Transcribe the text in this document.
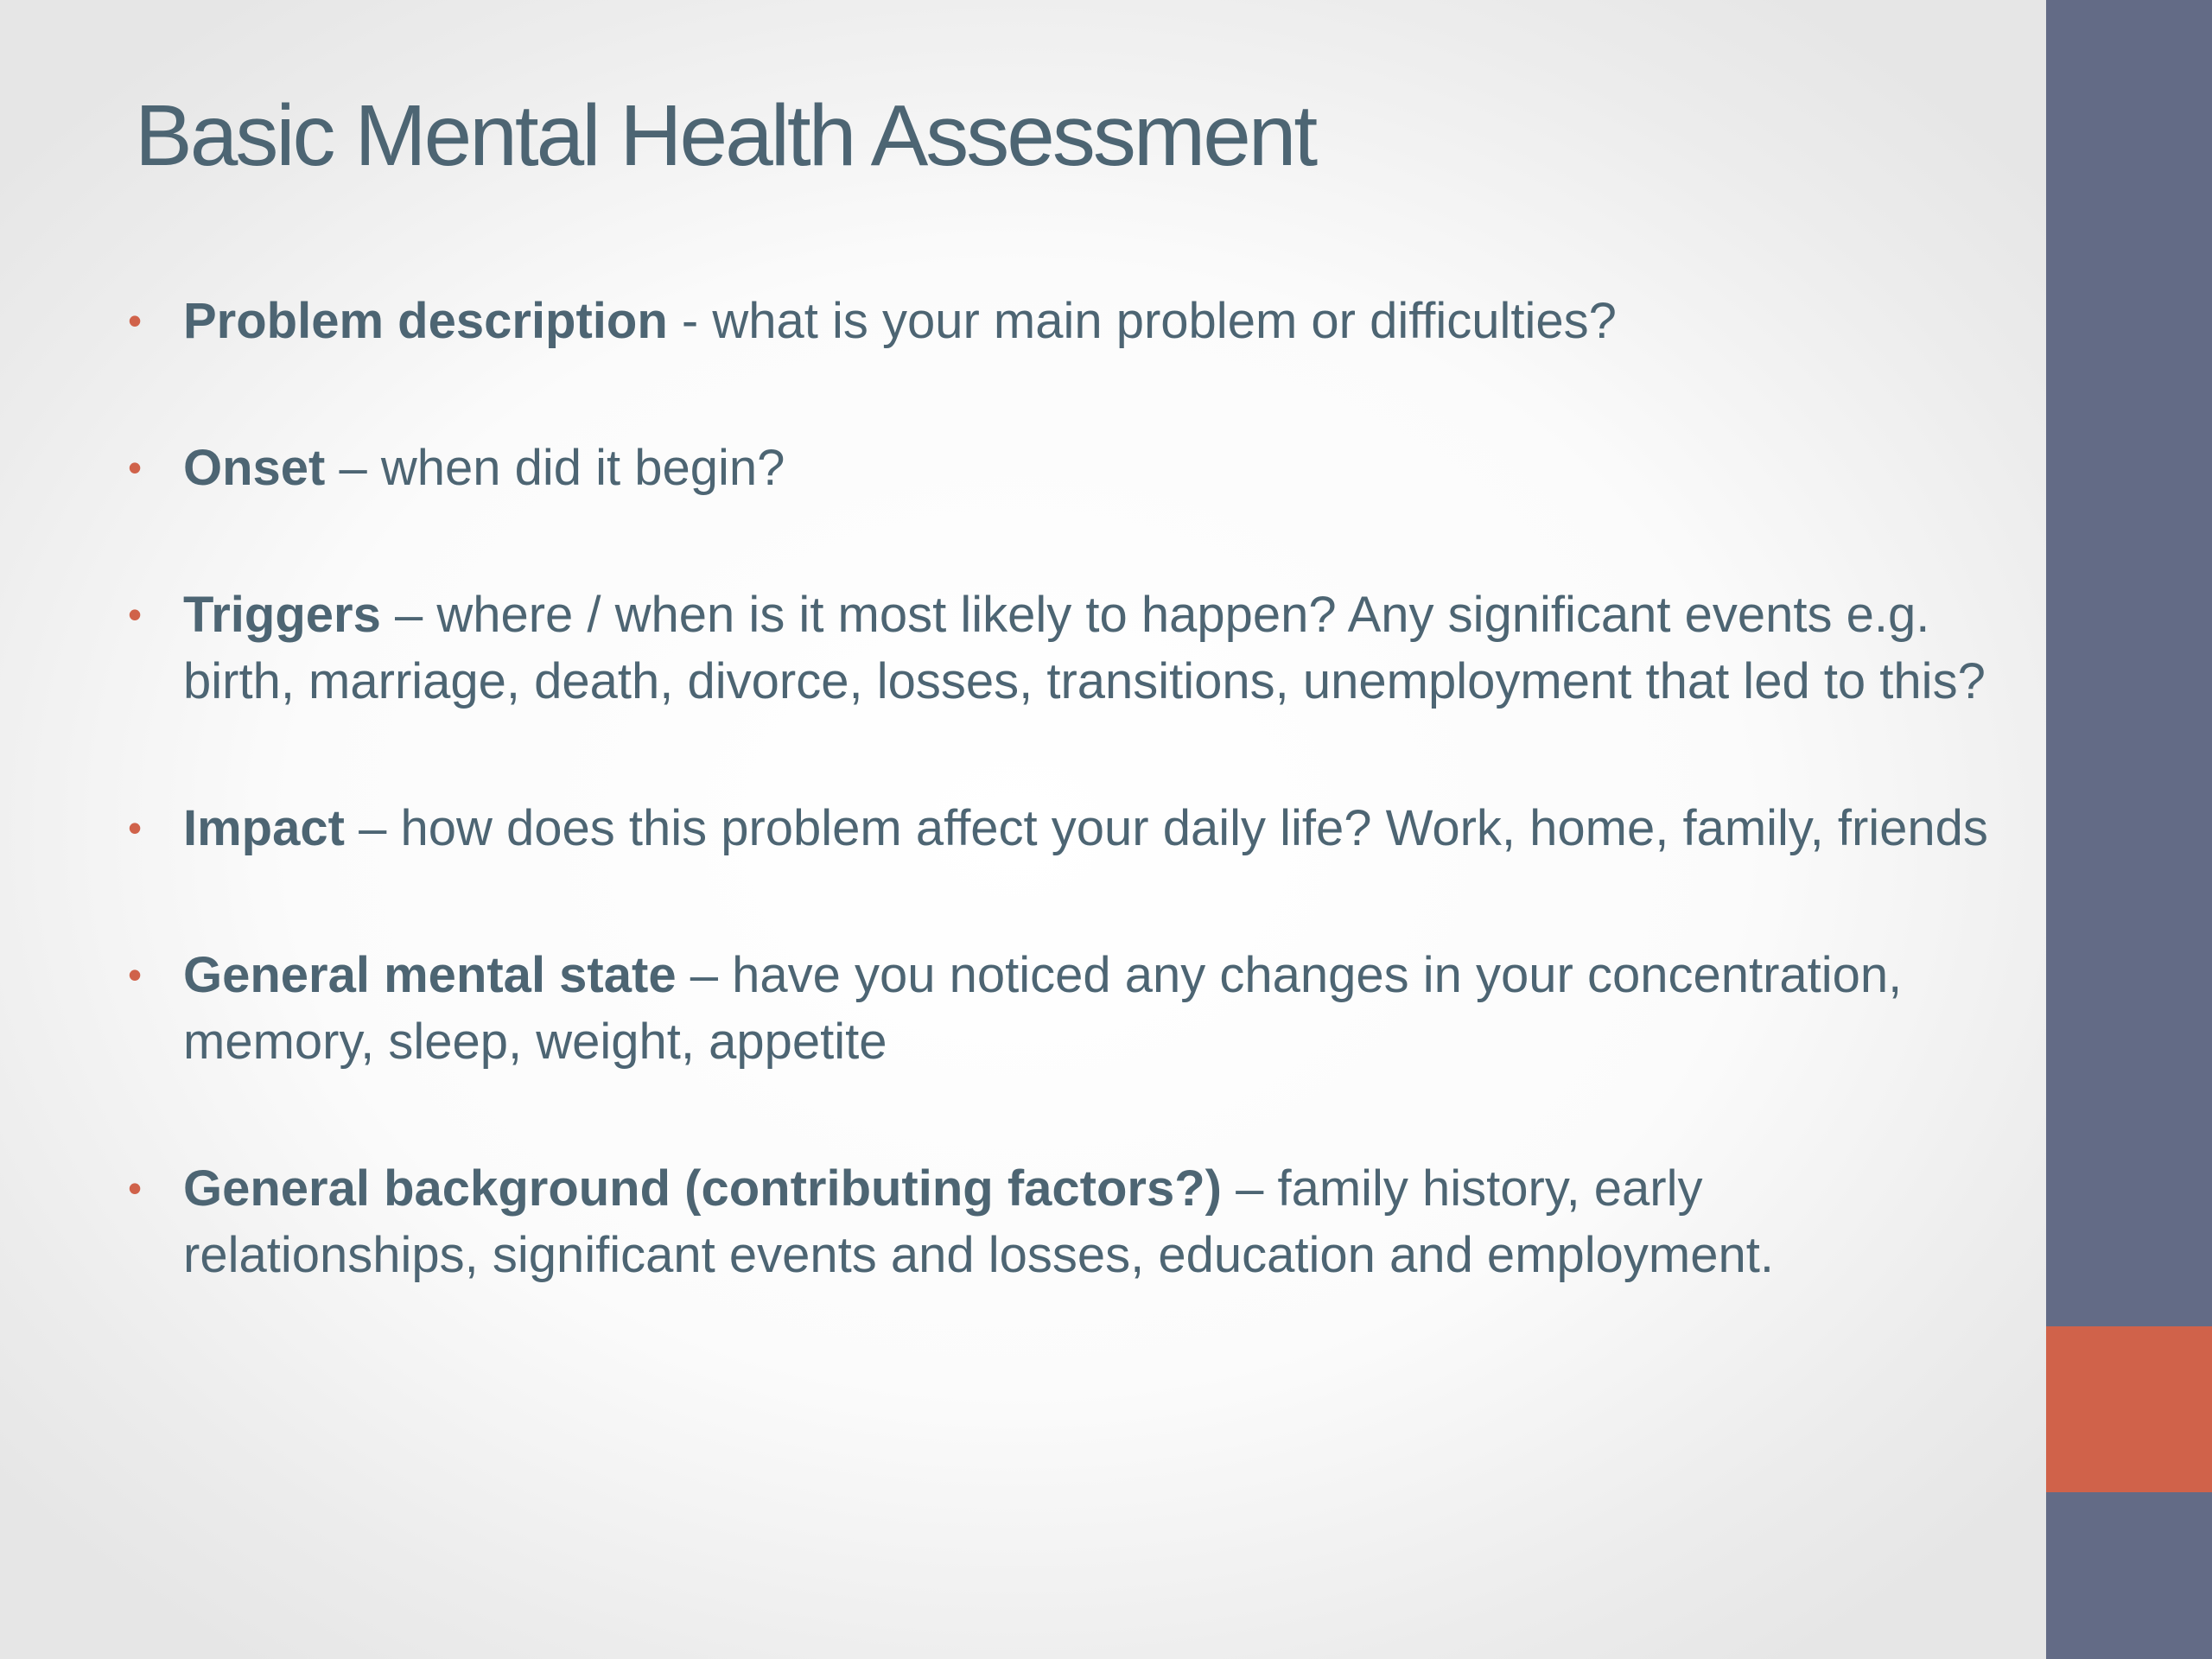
Basic Mental Health Assessment
• Problem description - what is your main problem or difficulties?
• Onset – when did it begin?
• Triggers – where / when is it most likely to happen? Any significant events e.g. birth, marriage, death, divorce, losses, transitions, unemployment that led to this?
• Impact – how does this problem affect your daily life? Work, home, family, friends
• General mental state – have you noticed any changes in your concentration, memory, sleep, weight, appetite
• General background (contributing factors?) – family history, early relationships, significant events and losses, education and employment.
